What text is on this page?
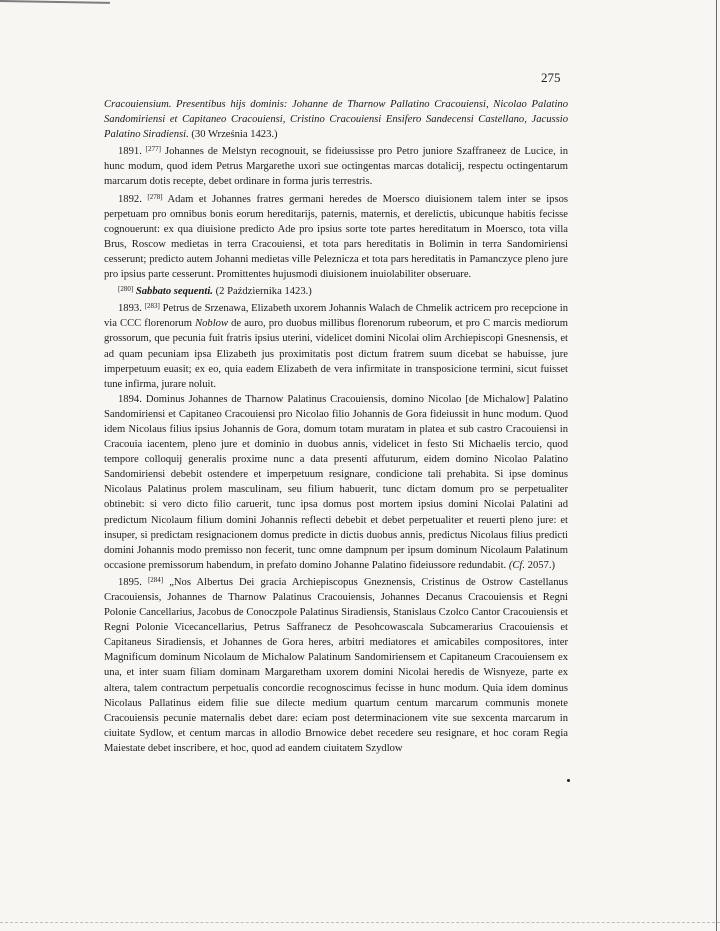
275

Cracouiensium. Presentibus hijs dominis: Johanne de Tharnow Pallatino Cracouiensi, Nicolao Palatino Sandomiriensi et Capitaneo Cracouiensi, Cristino Cracouiensi Ensifero Sandecensi Castellano, Jacussio Palatino Siradiensi. (30 Września 1423.)

1891. [277] Johannes de Melstyn recognouit, se fideiussisse pro Petro juniore Szaffraneez de Lucice, in hunc modum, quod idem Petrus Margarethe uxori sue octingentas marcas dotalicij, respectu octingentarum marcarum dotis recepte, debet ordinare in forma juris terrestris.

1892. [278] Adam et Johannes fratres germani heredes de Moersco diuisionem talem inter se ipsos perpetuam pro omnibus bonis eorum hereditarijs, paternis, maternis, et derelictis, ubicunque habitis fecisse cognouerunt: ex qua diuisione predicto Ade pro ipsius sorte tote partes hereditatum in Moersco, tota villa Brus, Roscow medietas in terra Cracouiensi, et tota pars hereditatis in Bolimin in terra Sandomiriensi cesserunt; predicto autem Johanni medietas ville Peleznicza et tota pars hereditatis in Pamanczyce pleno jure pro ipsius parte cesserunt. Promittentes hujusmodi diuisionem inuiolabiliter obseruare.

[280] Sabbato sequenti. (2 Października 1423.)

1893. [283] Petrus de Srzenawa, Elizabeth uxorem Johannis Walach de Chmelik actricem pro recepcione in via CCC florenorum Noblow de auro, pro duobus millibus florenorum rubeorum, et pro C marcis mediorum grossorum, que pecunia fuit fratris ipsius uterini, videlicet domini Nicolai olim Archiepiscopi Gnesnensis, et ad quam pecuniam ipsa Elizabeth jus proximitatis post dictum fratrem suum dicebat se habuisse, jure imperpetuum euasit; ex eo, quia eadem Elizabeth de vera infirmitate in transposicione termini, sicut fuisset tune infirma, jurare noluit.

1894. Dominus Johannes de Tharnow Palatinus Cracouiensis, domino Nicolao [de Michalow] Palatino Sandomiriensi et Capitaneo Cracouiensi pro Nicolao filio Johannis de Gora fideiussit in hunc modum. Quod idem Nicolaus filius ipsius Johannis de Gora, domum totam muratam in platea et sub castro Cracouiensi in Cracouia iacentem, pleno jure et dominio in duobus annis, videlicet in festo Sti Michaelis tercio, quod tempore colloquij generalis proxime nunc a data presenti affuturum, eidem domino Nicolao Palatino Sandomiriensi debebit ostendere et imperpetuum resignare, condicione tali prehabita. Si ipse dominus Nicolaus Palatinus prolem masculinam, seu filium habuerit, tunc dictam domum pro se perpetualiter obtinebit: si vero dicto filio caruerit, tunc ipsa domus post mortem ipsius domini Nicolai Palatini ad predictum Nicolaum filium domini Johannis reflecti debebit et debet perpetualiter et reuerti pleno jure: et insuper, si predictam resignacionem domus predicte in dictis duobus annis, predictus Nicolaus filius predicti domini Johannis modo premisso non fecerit, tunc omne dampnum per ipsum dominum Nicolaum Palatinum occasione premissorum habendum, in prefato domino Johanne Palatino fideiussore redundabit. (Cf. 2057.)

1895. [284] „Nos Albertus Dei gracia Archiepiscopus Gneznensis, Cristinus de Ostrow Castellanus Cracouiensis, Johannes de Tharnow Palatinus Cracouiensis, Johannes Decanus Cracouiensis et Regni Polonie Cancellarius, Jacobus de Conoczpole Palatinus Siradiensis, Stanislaus Czolco Cantor Cracouiensis et Regni Polonie Vicecancellarius, Petrus Saffranecz de Pesohcowascala Subcamerarius Cracouiensis et Capitaneus Siradiensis, et Johannes de Gora heres, arbitri mediatores et amicabiles compositores, inter Magnificum dominum Nicolaum de Michalow Palatinum Sandomiriensem et Capitaneum Cracouiensem ex una, et inter suam filiam dominam Margaretham uxorem domini Nicolai heredis de Wisnyeze, parte ex altera, talem contractum perpetualis concordie recognoscimus fecisse in hunc modum. Quia idem dominus Nicolaus Pallatinus eidem filie sue dilecte medium quartum centum marcarum communis monete Cracouiensis pecunie maternalis debet dare: eciam post determinacionem vite sue sexcenta marcarum in ciuitate Sydlow, et centum marcas in allodio Brnowice debet recedere seu resignare, et hoc coram Regia Maiestate debet inscribere, et hoc, quod ad eandem ciuitatem Szydlow
